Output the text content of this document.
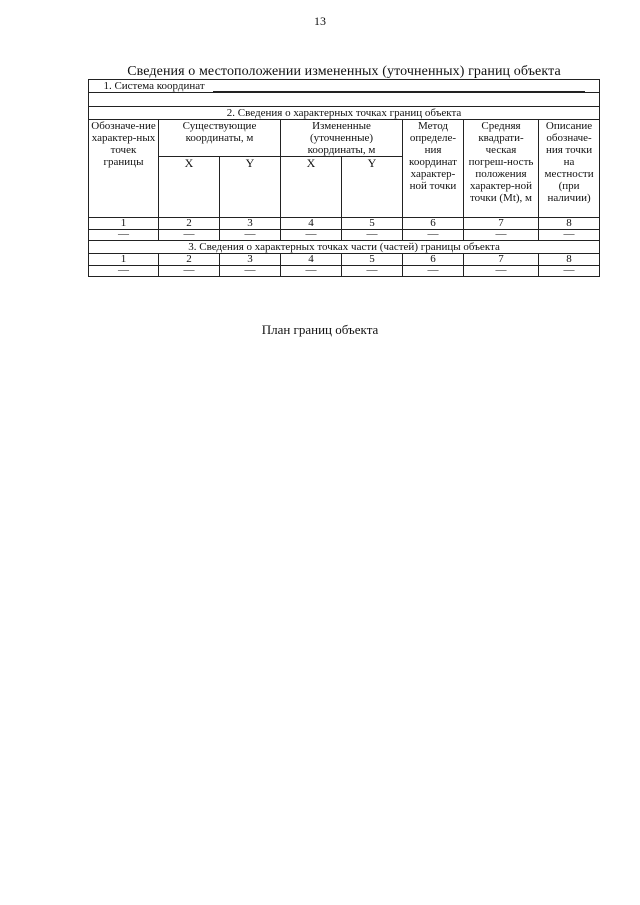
13
Сведения о местоположении измененных (уточненных) границ объекта
1. Система координат							

2. Сведения о характерных точках границ объекта							
Обозначе-ние характер-ных точек границы	Существующие координаты, м		Измененные (уточненные) координаты, м		Метод определе-ния координат характер-ной точки	Средняя квадрати-ческая погреш-ность положения характер-ной точки (Mt), м	Описание обозначе-ния точки на местности (при наличии)
	X	Y	X	Y			
1	2	3	4	5	6	7	8
—	—	—	—	—	—	—	—
3. Сведения о характерных точках части (частей) границы объекта							
1	2	3	4	5	6	7	8
—	—	—	—	—	—	—	—
План границ объекта
